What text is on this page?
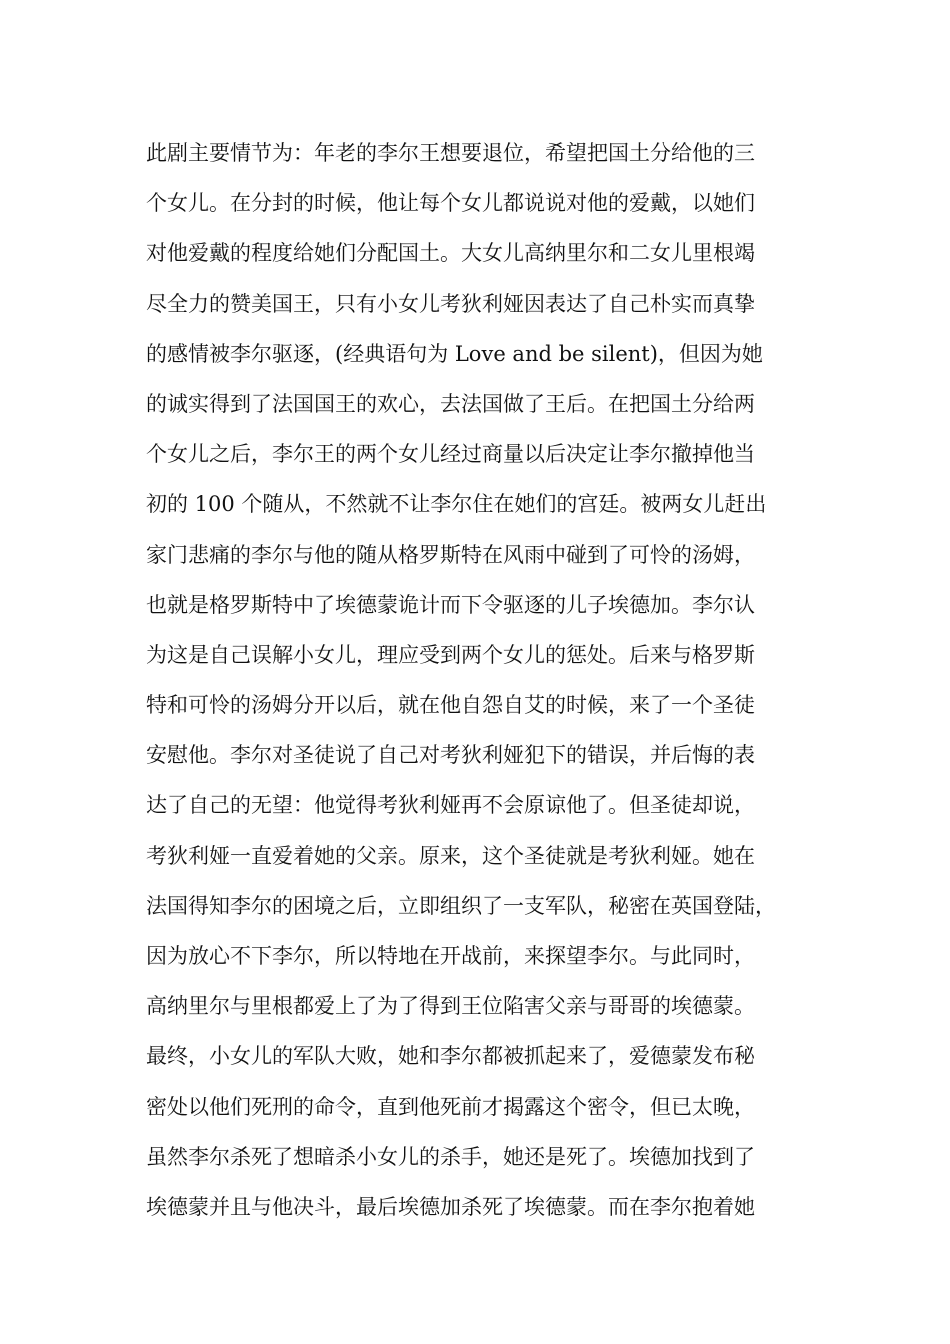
此剧主要情节为：年老的李尔王想要退位，希望把国土分给他的三
个女儿。在分封的时候，他让每个女儿都说说对他的爱戴，以她们
对他爱戴的程度给她们分配国土。大女儿高纳里尔和二女儿里根竭
尽全力的赞美国王，只有小女儿考狄利娅因表达了自己朴实而真挚
的感情被李尔驱逐，(经典语句为 Love and be silent)，但因为她
的诚实得到了法国国王的欢心，去法国做了王后。在把国土分给两
个女儿之后，李尔王的两个女儿经过商量以后决定让李尔撤掉他当
初的 100 个随从，不然就不让李尔住在她们的宫廷。被两女儿赶出
家门悲痛的李尔与他的随从格罗斯特在风雨中碰到了可怜的汤姆，
也就是格罗斯特中了埃德蒙诡计而下令驱逐的儿子埃德加。李尔认
为这是自己误解小女儿，理应受到两个女儿的惩处。后来与格罗斯
特和可怜的汤姆分开以后，就在他自怨自艾的时候，来了一个圣徒
安慰他。李尔对圣徒说了自己对考狄利娅犯下的错误，并后悔的表
达了自己的无望：他觉得考狄利娅再不会原谅他了。但圣徒却说，
考狄利娅一直爱着她的父亲。原来，这个圣徒就是考狄利娅。她在
法国得知李尔的困境之后，立即组织了一支军队，秘密在英国登陆，
因为放心不下李尔，所以特地在开战前，来探望李尔。与此同时，
高纳里尔与里根都爱上了为了得到王位陷害父亲与哥哥的埃德蒙。
最终，小女儿的军队大败，她和李尔都被抓起来了，爱德蒙发布秘
密处以他们死刑的命令，直到他死前才揭露这个密令，但已太晚，
虽然李尔杀死了想暗杀小女儿的杀手，她还是死了。埃德加找到了
埃德蒙并且与他决斗，最后埃德加杀死了埃德蒙。而在李尔抱着她
